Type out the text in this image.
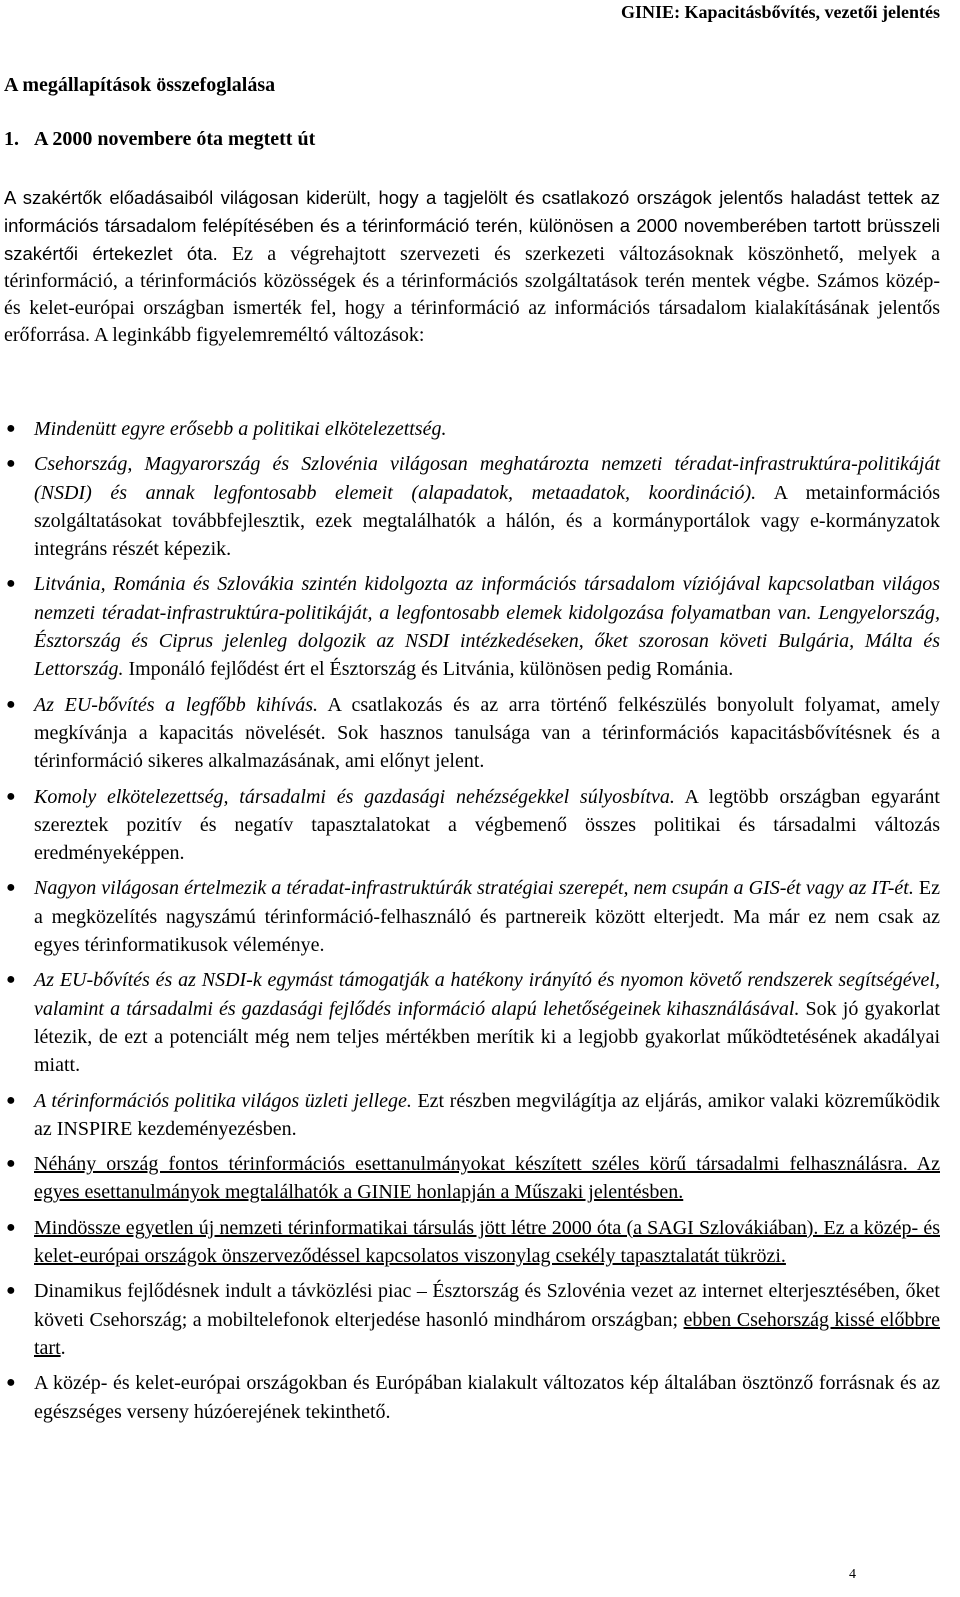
GINIE: Kapacitásbővítés, vezetői jelentés
A megállapítások összefoglalása
1. A 2000 novembere óta megtett út
A szakértők előadásaiból világosan kiderült, hogy a tagjelölt és csatlakozó országok jelentős haladást tettek az információs társadalom felépítésében és a térinformáció terén, különösen a 2000 novemberében tartott brüsszeli szakértői értekezlet óta. Ez a végrehajtott szervezeti és szerkezeti változásoknak köszönhető, melyek a térinformáció, a térinformációs közösségek és a térinformációs szolgáltatások terén mentek végbe. Számos közép- és kelet-európai országban ismerték fel, hogy a térinformáció az információs társadalom kialakításának jelentős erőforrása. A leginkább figyelemreméltó változások:
● Mindenütt egyre erősebb a politikai elkötelezettség.
● Csehország, Magyarország és Szlovénia világosan meghatározta nemzeti téradat-infrastruktúra-politikáját (NSDI) és annak legfontosabb elemeit (alapadatok, metaadatok, koordináció). A metainformációs szolgáltatásokat továbbfejlesztik, ezek megtalálhatók a hálón, és a kormányportálok vagy e-kormányzatok integráns részét képezik.
● Litvánia, Románia és Szlovákia szintén kidolgozta az információs társadalom víziójával kapcsolatban világos nemzeti téradat-infrastruktúra-politikáját, a legfontosabb elemek kidolgozása folyamatban van. Lengyelország, Észtország és Ciprus jelenleg dolgozik az NSDI intézkedéseken, őket szorosan követi Bulgária, Málta és Lettország. Imponáló fejlődést ért el Észtország és Litvánia, különösen pedig Románia.
● Az EU-bővítés a legfőbb kihívás. A csatlakozás és az arra történő felkészülés bonyolult folyamat, amely megkívánja a kapacitás növelését. Sok hasznos tanulsága van a térinformációs kapacitásbővítésnek és a térinformáció sikeres alkalmazásának, ami előnyt jelent.
● Komoly elkötelezettség, társadalmi és gazdasági nehézségekkel súlyosbítva. A legtöbb országban egyaránt szereztek pozitív és negatív tapasztalatokat a végbemenő összes politikai és társadalmi változás eredményeképpen.
● Nagyon világosan értelmezik a téradat-infrastruktúrák stratégiai szerepét, nem csupán a GIS-ét vagy az IT-ét. Ez a megközelítés nagyszámú térinformáció-felhasználó és partnereik között elterjedt. Ma már ez nem csak az egyes térinformatikusok véleménye.
● Az EU-bővítés és az NSDI-k egymást támogatják a hatékony irányító és nyomon követő rendszerek segítségével, valamint a társadalmi és gazdasági fejlődés információ alapú lehetőségeinek kihasználásával. Sok jó gyakorlat létezik, de ezt a potenciált még nem teljes mértékben merítik ki a legjobb gyakorlat működtetésének akadályai miatt.
● A térinformációs politika világos üzleti jellege. Ezt részben megvilágítja az eljárás, amikor valaki közreműködik az INSPIRE kezdeményezésben.
● Néhány ország fontos térinformációs esettanulmányokat készített széles körű társadalmi felhasználásra. Az egyes esettanulmányok megtalálhatók a GINIE honlapján a Műszaki jelentésben.
● Mindössze egyetlen új nemzeti térinformatikai társulás jött létre 2000 óta (a SAGI Szlovákiában). Ez a közép- és kelet-európai országok önszerveződéssel kapcsolatos viszonylag csekély tapasztalatát tükrözi.
● Dinamikus fejlődésnek indult a távközlési piac – Észtország és Szlovénia vezet az internet elterjesztésében, őket követi Csehország; a mobiltelefonok elterjedése hasonló mindhárom országban; ebben Csehország kissé előbbre tart.
● A közép- és kelet-európai országokban és Európában kialakult változatos kép általában ösztönző forrásnak és az egészséges verseny húzóerejének tekinthető.
4
